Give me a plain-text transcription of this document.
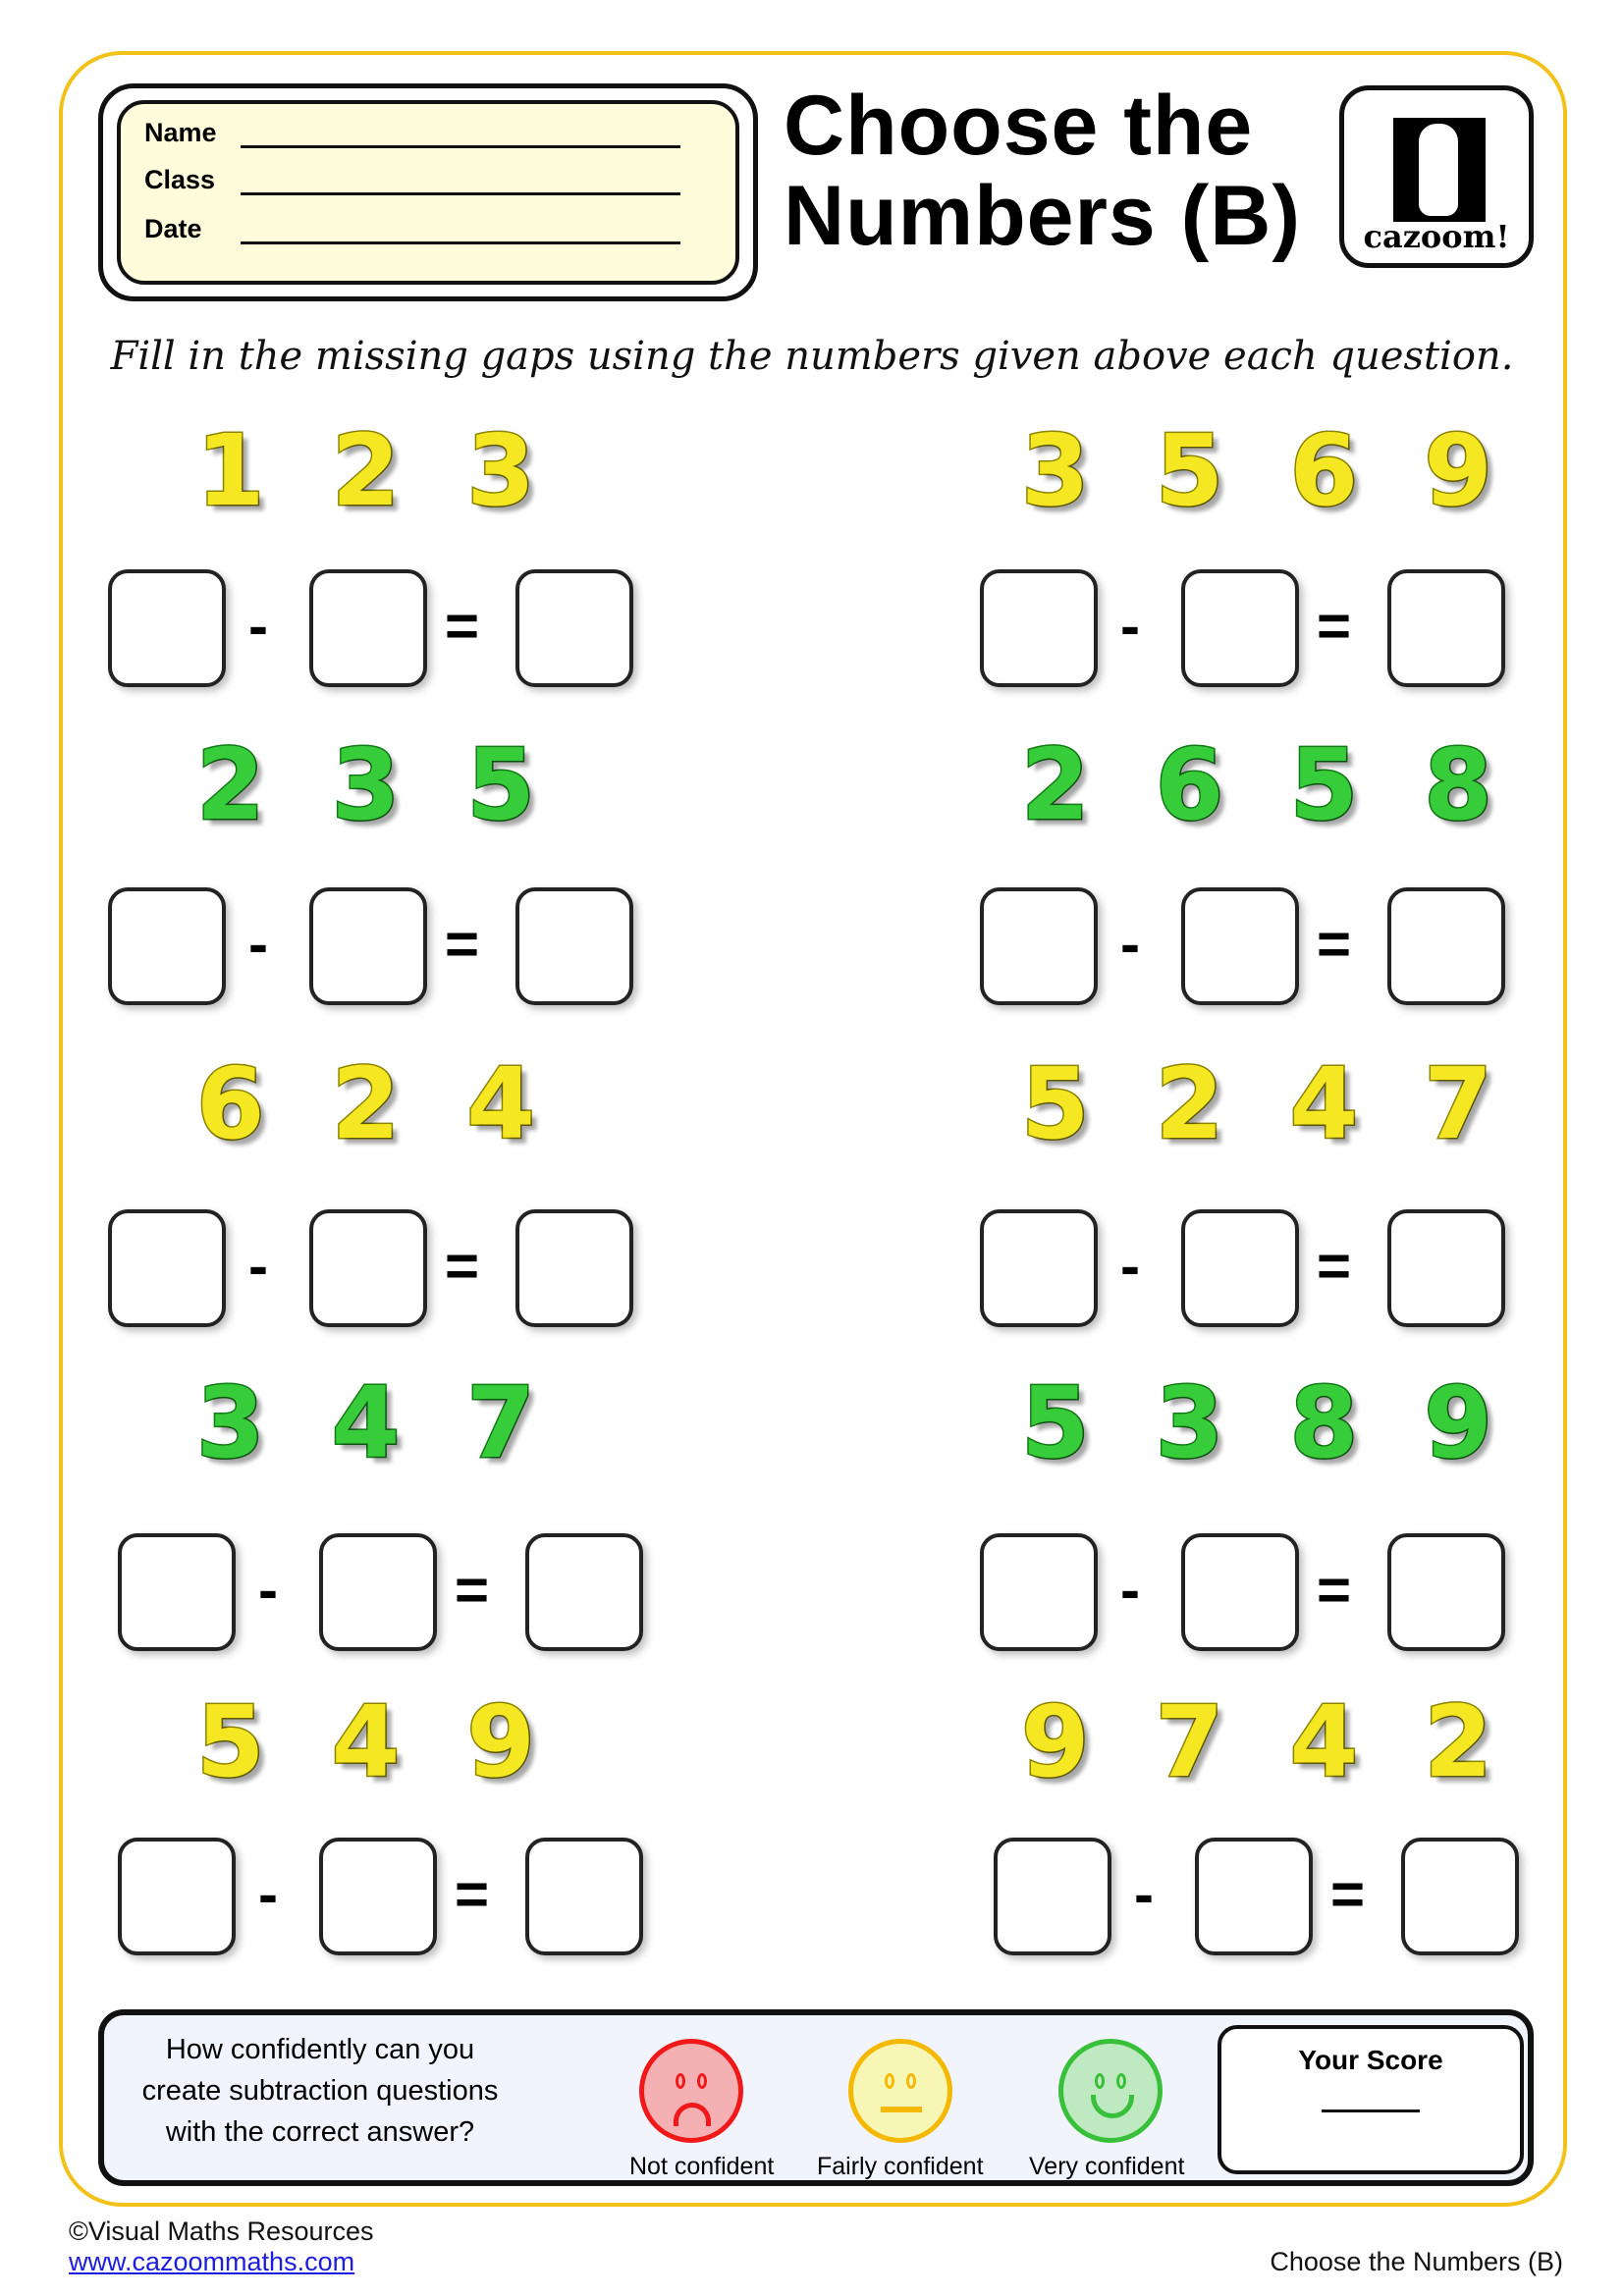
Name
Class
Date
Choose the
Numbers (B)	cazoom!
Fill in the missing gaps using the numbers given above each question.
1 2 3
-	=
3 5 6 9
-	=
2 3 5
-	=
2 6 5 8
-	=
6 2 4
-	=
5 2 4 7
-	=
3 4 7
-	=
5 3 8 9
-	=
5 4 9
-	=
9 7 4 2
-	=
How confidently can you
create subtraction questions
with the correct answer?
Not confident Fairly confident Very confident
Your Score
©Visual Maths Resources
www.cazoommaths.com	Choose the Numbers (B)
